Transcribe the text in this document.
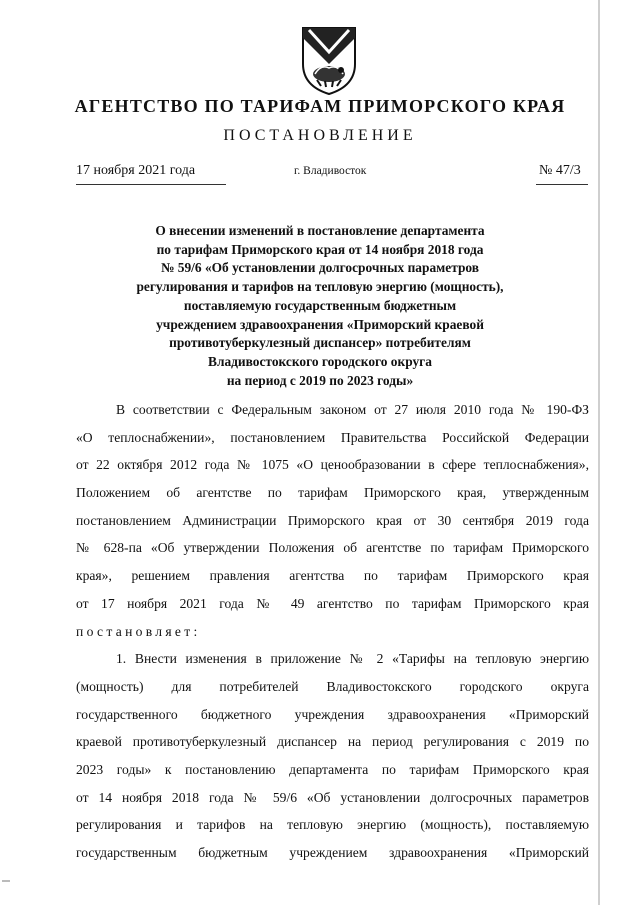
АГЕНТСТВО ПО ТАРИФАМ ПРИМОРСКОГО КРАЯ
ПОСТАНОВЛЕНИЕ
17 ноября 2021 года	г. Владивосток	№ 47/3
О внесении изменений в постановление департамента
по тарифам Приморского края от 14 ноября 2018 года
№ 59/6 «Об установлении долгосрочных параметров
регулирования и тарифов на тепловую энергию (мощность),
поставляемую государственным бюджетным
учреждением здравоохранения «Приморский краевой
противотуберкулезный диспансер» потребителям
Владивостокского городского округа
на период с 2019 по 2023 годы»
В соответствии с Федеральным законом от 27 июля 2010 года № 190-ФЗ
«О теплоснабжении», постановлением Правительства Российской Федерации
от 22 октября 2012 года № 1075 «О ценообразовании в сфере теплоснабжения»,
Положением об агентстве по тарифам Приморского края, утвержденным
постановлением Администрации Приморского края от 30 сентября 2019 года
№ 628-па «Об утверждении Положения об агентстве по тарифам Приморского
края», решением правления агентства по тарифам Приморского края
от 17 ноября 2021 года № 49 агентство по тарифам Приморского края
постановляет:
1. Внести изменения в приложение № 2 «Тарифы на тепловую энергию
(мощность) для потребителей Владивостокского городского округа
государственного бюджетного учреждения здравоохранения «Приморский
краевой противотуберкулезный диспансер на период регулирования с 2019 по
2023 годы» к постановлению департамента по тарифам Приморского края
от 14 ноября 2018 года № 59/6 «Об установлении долгосрочных параметров
регулирования и тарифов на тепловую энергию (мощность), поставляемую
государственным бюджетным учреждением здравоохранения «Приморский
